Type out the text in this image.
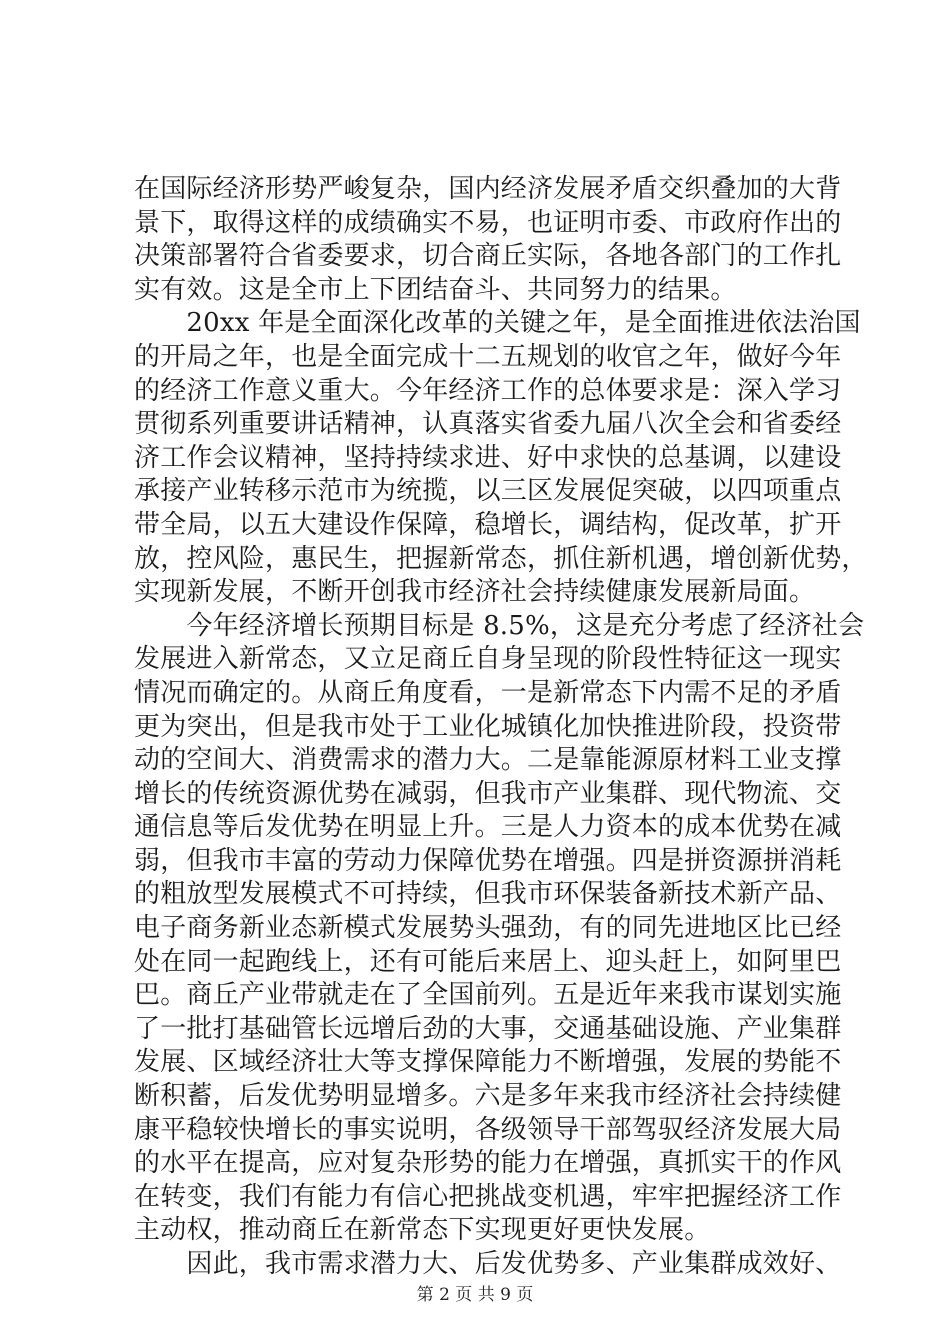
在国际经济形势严峻复杂，国内经济发展矛盾交织叠加的大背
景下，取得这样的成绩确实不易，也证明市委、市政府作出的
决策部署符合省委要求，切合商丘实际，各地各部门的工作扎
实有效。这是全市上下团结奋斗、共同努力的结果。
　　20xx 年是全面深化改革的关键之年，是全面推进依法治国
的开局之年，也是全面完成十二五规划的收官之年，做好今年
的经济工作意义重大。今年经济工作的总体要求是：深入学习
贯彻系列重要讲话精神，认真落实省委九届八次全会和省委经
济工作会议精神，坚持持续求进、好中求快的总基调，以建设
承接产业转移示范市为统揽，以三区发展促突破，以四项重点
带全局，以五大建设作保障，稳增长，调结构，促改革，扩开
放，控风险，惠民生，把握新常态，抓住新机遇，增创新优势，
实现新发展，不断开创我市经济社会持续健康发展新局面。
　　今年经济增长预期目标是 8.5%，这是充分考虑了经济社会
发展进入新常态，又立足商丘自身呈现的阶段性特征这一现实
情况而确定的。从商丘角度看，一是新常态下内需不足的矛盾
更为突出，但是我市处于工业化城镇化加快推进阶段，投资带
动的空间大、消费需求的潜力大。二是靠能源原材料工业支撑
增长的传统资源优势在减弱，但我市产业集群、现代物流、交
通信息等后发优势在明显上升。三是人力资本的成本优势在减
弱，但我市丰富的劳动力保障优势在增强。四是拼资源拼消耗
的粗放型发展模式不可持续，但我市环保装备新技术新产品、
电子商务新业态新模式发展势头强劲，有的同先进地区比已经
处在同一起跑线上，还有可能后来居上、迎头赶上，如阿里巴
巴。商丘产业带就走在了全国前列。五是近年来我市谋划实施
了一批打基础管长远增后劲的大事，交通基础设施、产业集群
发展、区域经济壮大等支撑保障能力不断增强，发展的势能不
断积蓄，后发优势明显增多。六是多年来我市经济社会持续健
康平稳较快增长的事实说明，各级领导干部驾驭经济发展大局
的水平在提高，应对复杂形势的能力在增强，真抓实干的作风
在转变，我们有能力有信心把挑战变机遇，牢牢把握经济工作
主动权，推动商丘在新常态下实现更好更快发展。
　　因此，我市需求潜力大、后发优势多、产业集群成效好、
第 2 页 共 9 页
